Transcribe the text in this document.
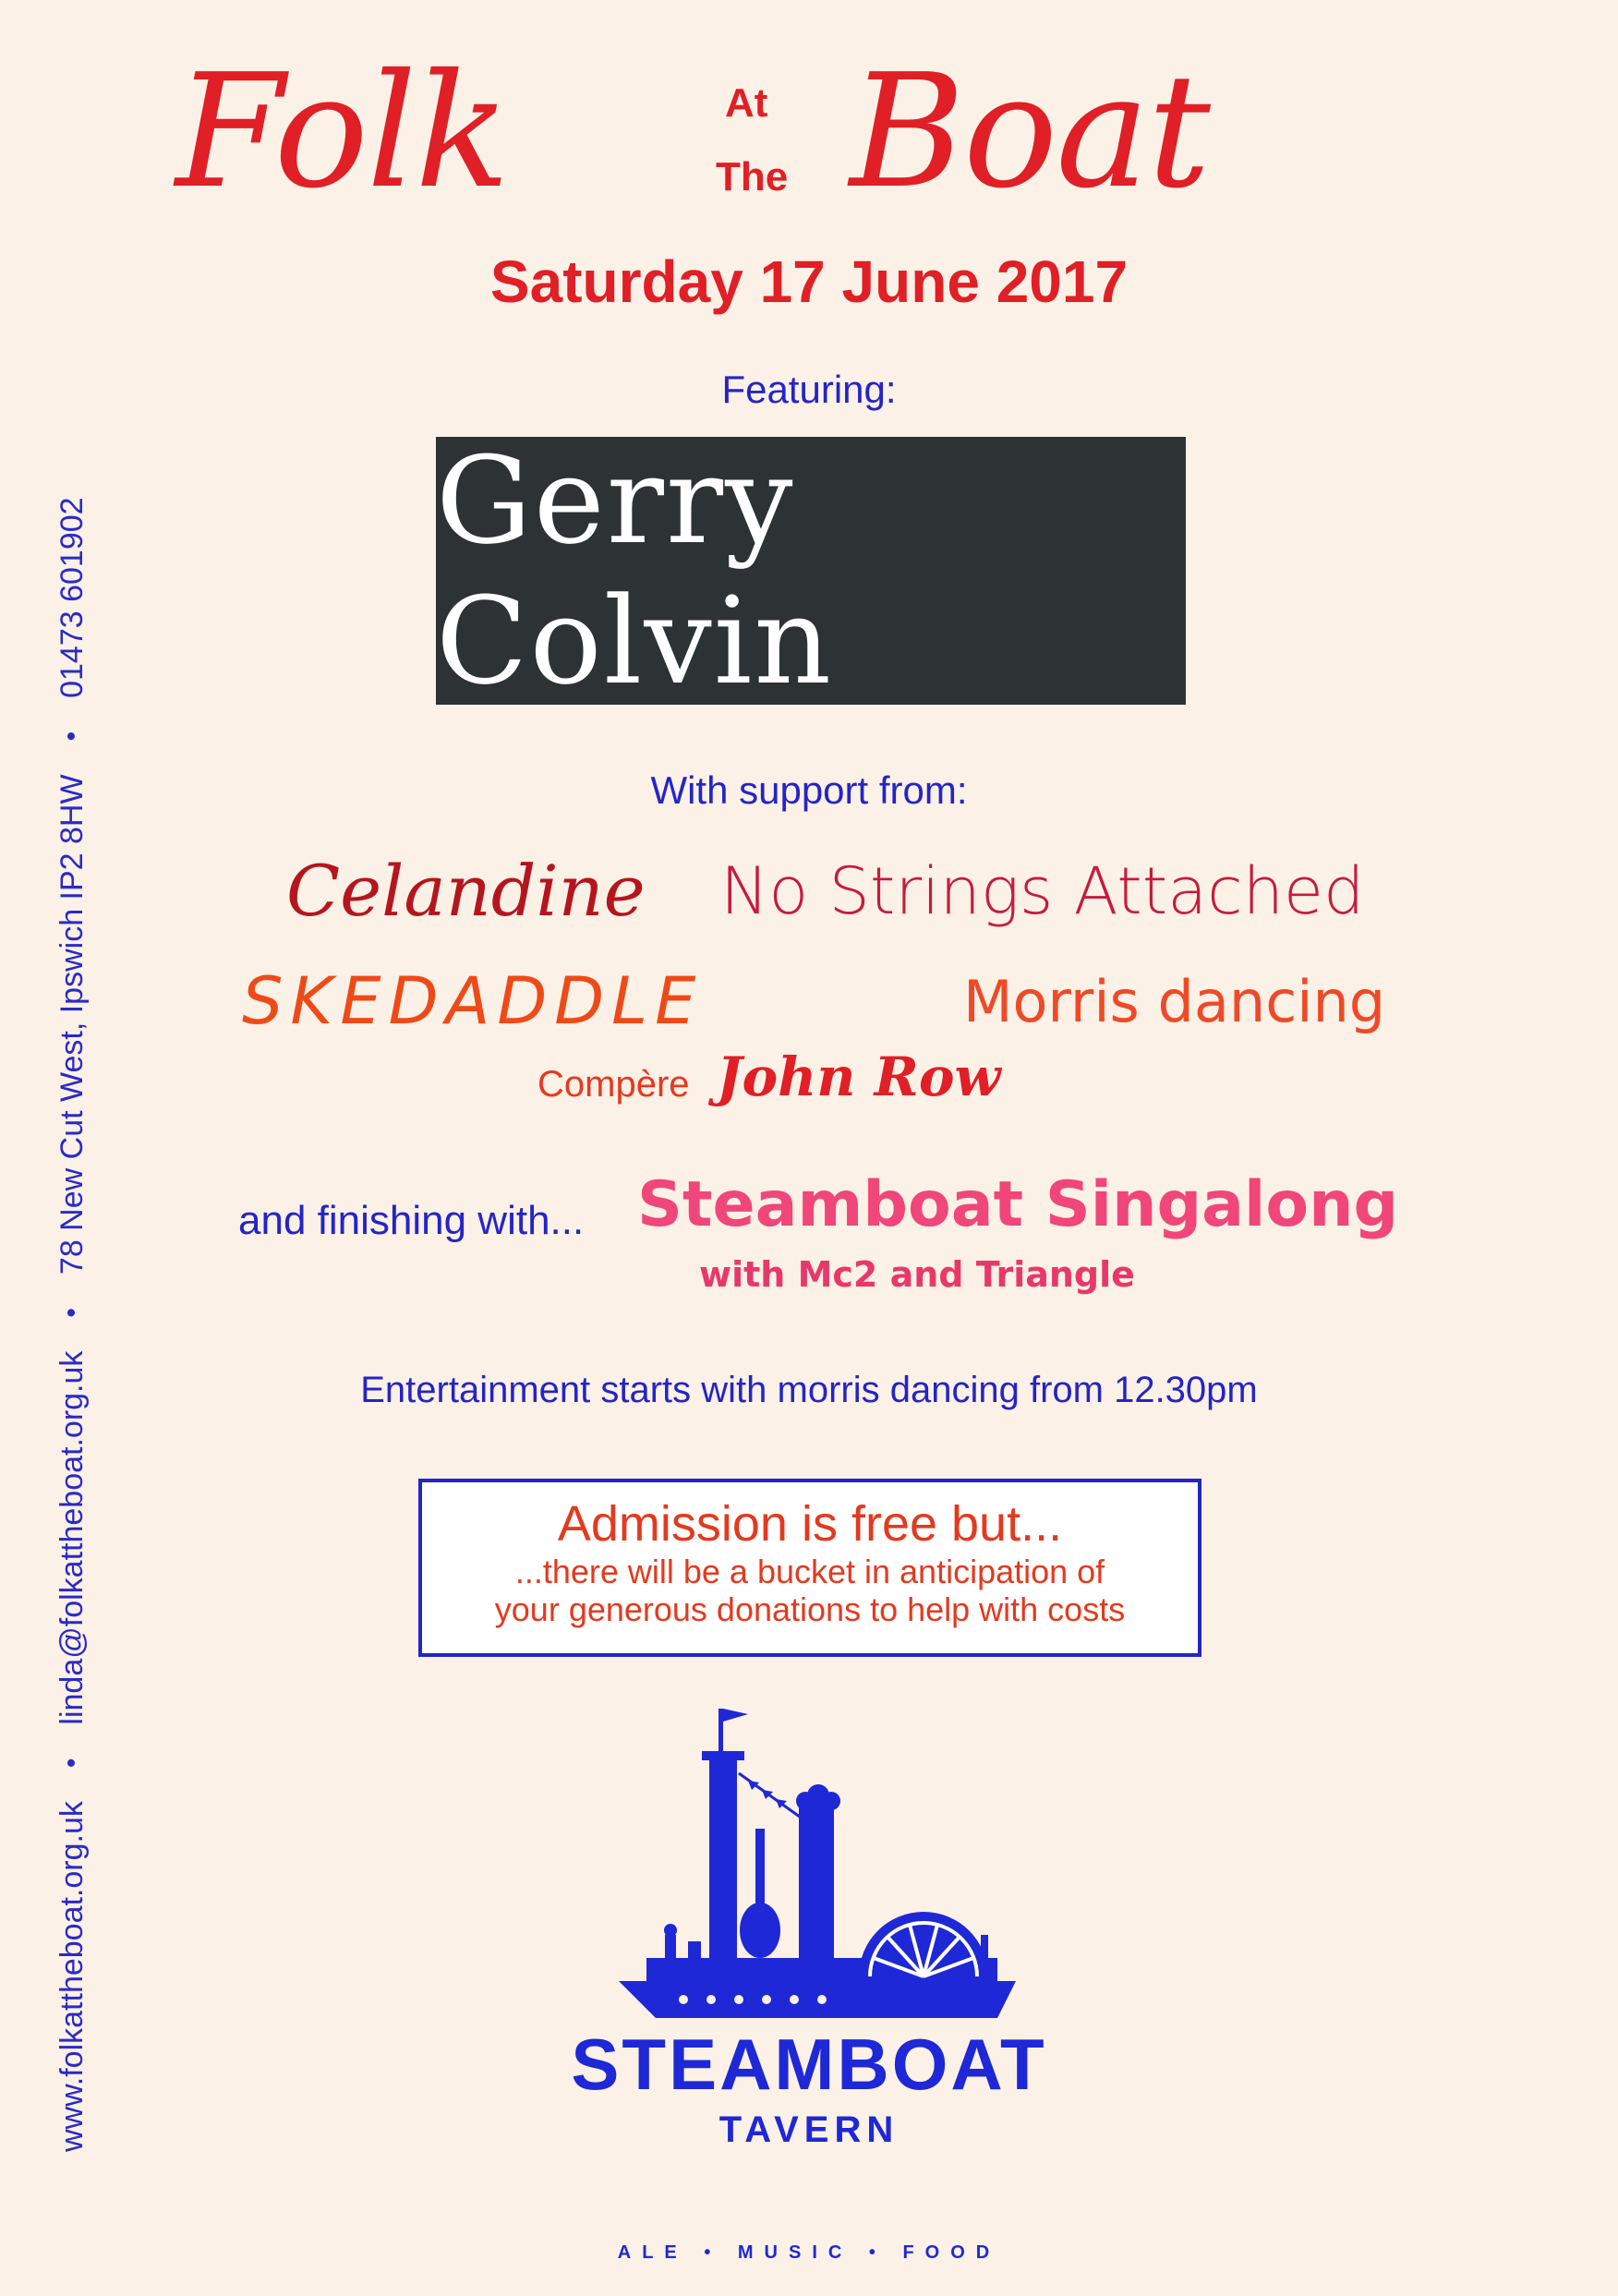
www.folkattheboat.org.uk
•
linda@folkattheboat.org.uk
•
78 New Cut West, Ipswich IP2 8HW
•
01473 601902
Folk	At
The Boat
Saturday 17 June 2017
Featuring:
Gerry Colvin
With support from:
Celandine No Strings Attached
SKEDADDLE	Morris dancing
Compère John Row
and finishing with... Steamboat Singalong
with Mc2 and Triangle
Entertainment starts with morris dancing from 12.30pm
Admission is free but...
...there will be a bucket in anticipation of
your generous donations to help with costs
STEAMBOAT
TAVERN
ALE • MUSIC • FOOD
